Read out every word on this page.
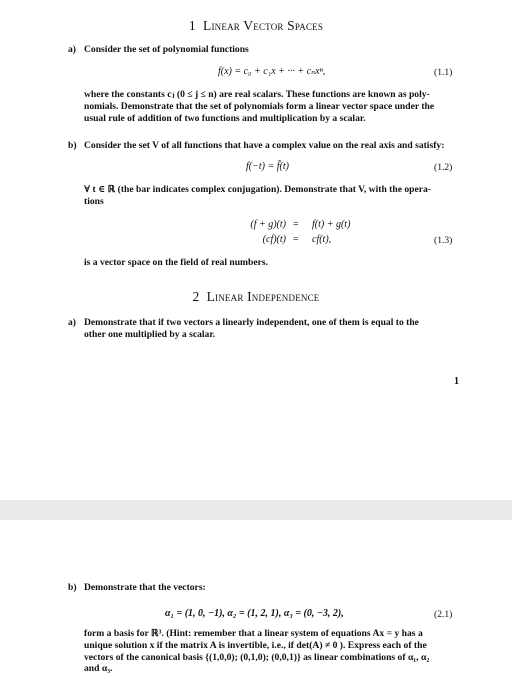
1 Linear Vector Spaces
a) Consider the set of polynomial functions
f(x) = c₀ + c₁x + ··· + cₙxⁿ,	(1.1)
where the constants cⱼ (0 ≤ j ≤ n) are real scalars. These functions are known as poly-
nomials. Demonstrate that the set of polynomials form a linear vector space under the
usual rule of addition of two functions and multiplication by a scalar.
b) Consider the set V of all functions that have a complex value on the real axis and satisfy:
f(−t) = f̄(t)	(1.2)
∀ t ∈ ℝ (the bar indicates complex conjugation). Demonstrate that V, with the opera-
tions
(f + g)(t) = f(t) + g(t)
(cf)(t) = cf(t),	(1.3)
is a vector space on the field of real numbers.
2 Linear Independence
a) Demonstrate that if two vectors a linearly independent, one of them is equal to the
other one multiplied by a scalar.
1
b) Demonstrate that the vectors:
α₁ = (1, 0, −1), α₂ = (1, 2, 1), α₃ = (0, −3, 2),	(2.1)
form a basis for ℝ³. (Hint: remember that a linear system of equations Ax = y has a
unique solution x if the matrix A is invertible, i.e., if det(A) ≠ 0 ). Express each of the
vectors of the canonical basis {(1,0,0); (0,1,0); (0,0,1)} as linear combinations of α₁, α₂
and α₃.
